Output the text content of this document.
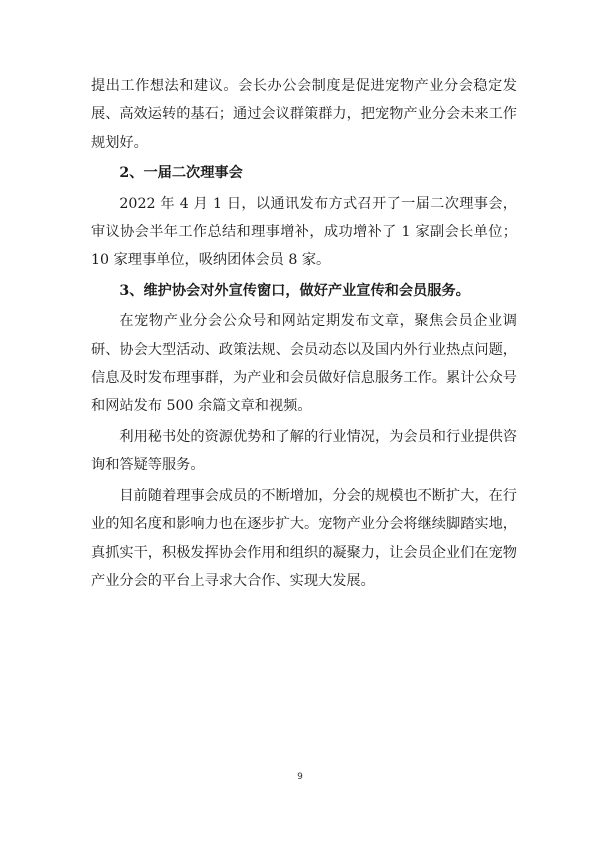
提出工作想法和建议。会长办公会制度是促进宠物产业分会稳定发展、高效运转的基石；通过会议群策群力，把宠物产业分会未来工作规划好。

2、一届二次理事会

2022 年 4 月 1 日，以通讯发布方式召开了一届二次理事会，审议协会半年工作总结和理事增补，成功增补了 1 家副会长单位；10 家理事单位，吸纳团体会员 8 家。

3、维护协会对外宣传窗口，做好产业宣传和会员服务。

在宠物产业分会公众号和网站定期发布文章，聚焦会员企业调研、协会大型活动、政策法规、会员动态以及国内外行业热点问题，信息及时发布理事群，为产业和会员做好信息服务工作。累计公众号和网站发布 500 余篇文章和视频。

利用秘书处的资源优势和了解的行业情况，为会员和行业提供咨询和答疑等服务。

目前随着理事会成员的不断增加，分会的规模也不断扩大，在行业的知名度和影响力也在逐步扩大。宠物产业分会将继续脚踏实地，真抓实干，积极发挥协会作用和组织的凝聚力，让会员企业们在宠物产业分会的平台上寻求大合作、实现大发展。

9
